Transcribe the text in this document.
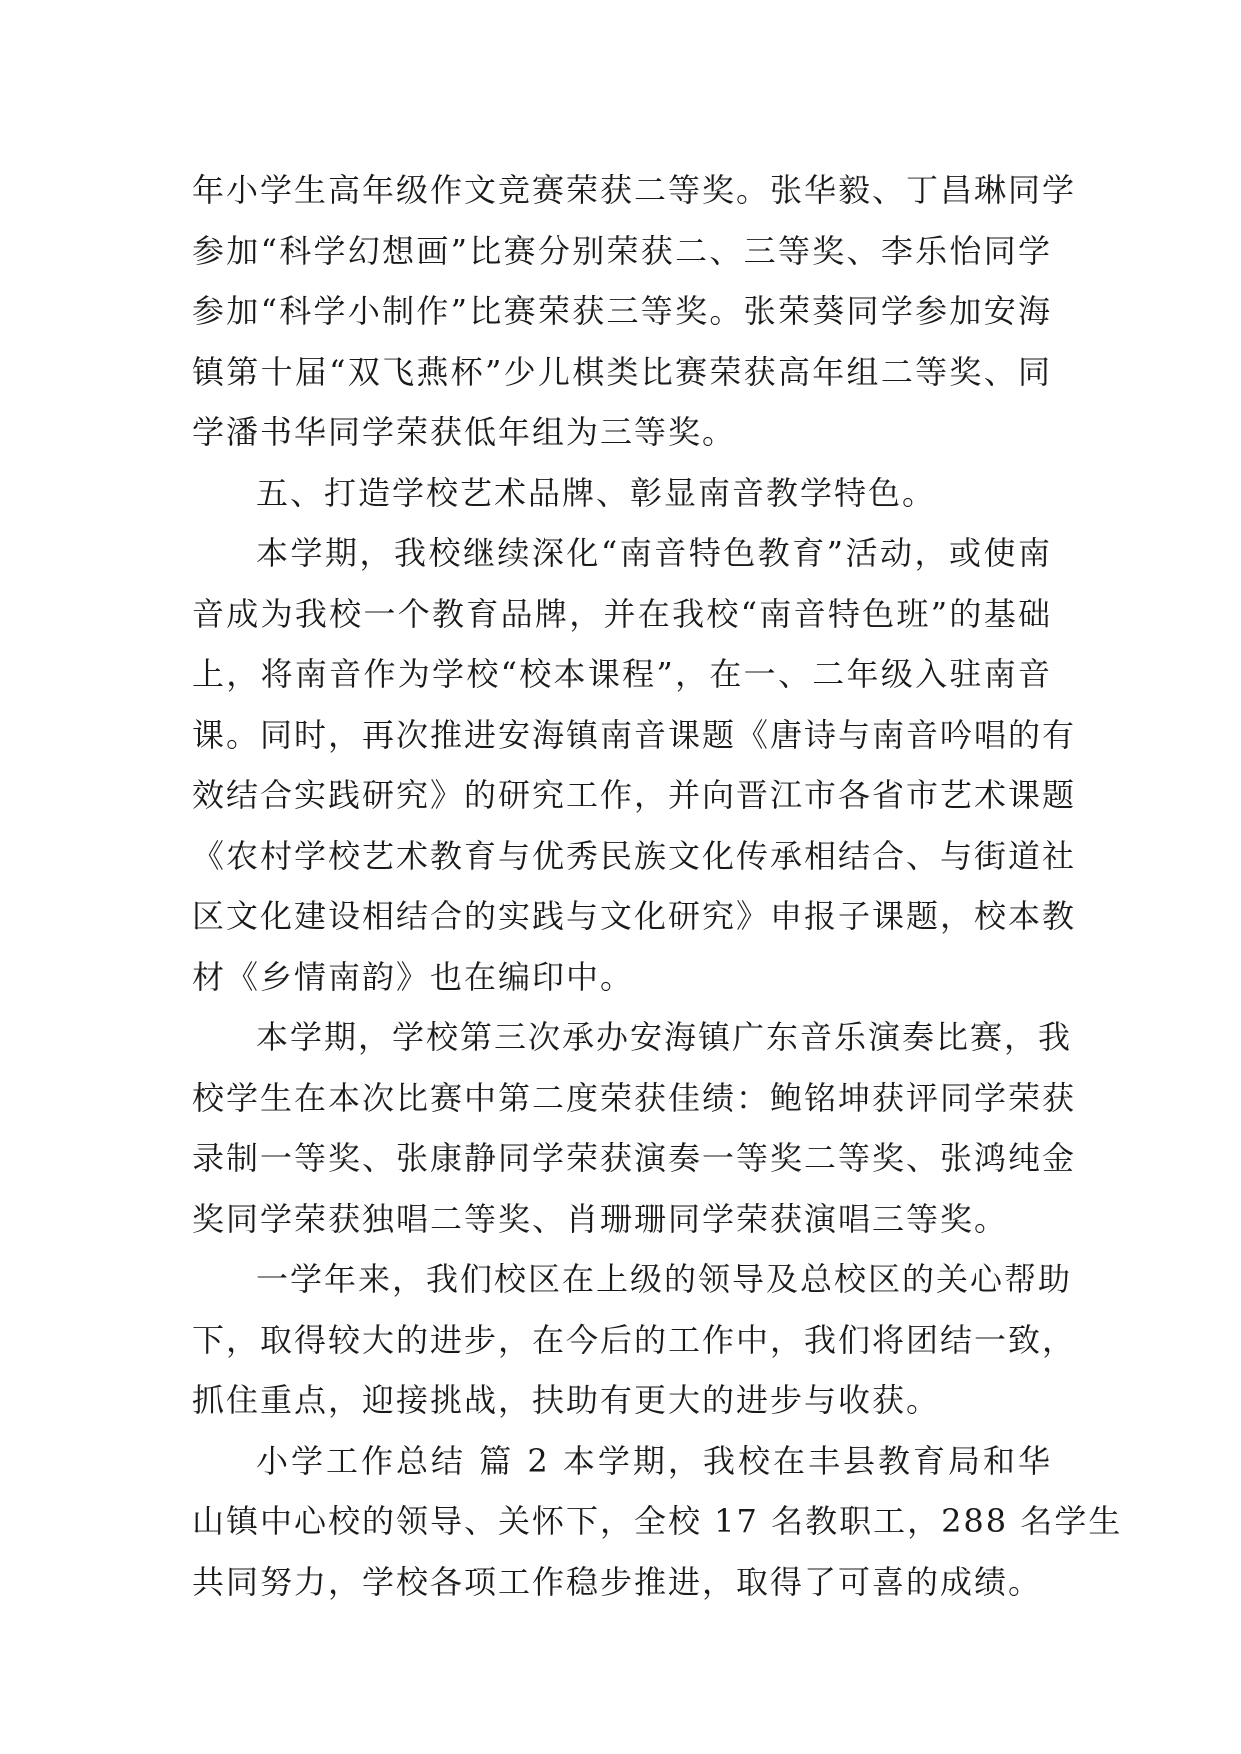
年小学生高年级作文竞赛荣获二等奖。张华毅、丁昌琳同学
参加“科学幻想画”比赛分别荣获二、三等奖、李乐怡同学
参加“科学小制作”比赛荣获三等奖。张荣葵同学参加安海
镇第十届“双飞燕杯”少儿棋类比赛荣获高年组二等奖、同
学潘书华同学荣获低年组为三等奖。
五、打造学校艺术品牌、彰显南音教学特色。
本学期，我校继续深化“南音特色教育”活动，或使南
音成为我校一个教育品牌，并在我校“南音特色班”的基础
上，将南音作为学校“校本课程”，在一、二年级入驻南音
课。同时，再次推进安海镇南音课题《唐诗与南音吟唱的有
效结合实践研究》的研究工作，并向晋江市各省市艺术课题
《农村学校艺术教育与优秀民族文化传承相结合、与街道社
区文化建设相结合的实践与文化研究》申报子课题，校本教
材《乡情南韵》也在编印中。
本学期，学校第三次承办安海镇广东音乐演奏比赛，我
校学生在本次比赛中第二度荣获佳绩：鲍铭坤获评同学荣获
录制一等奖、张康静同学荣获演奏一等奖二等奖、张鸿纯金
奖同学荣获独唱二等奖、肖珊珊同学荣获演唱三等奖。
一学年来，我们校区在上级的领导及总校区的关心帮助
下，取得较大的进步，在今后的工作中，我们将团结一致，
抓住重点，迎接挑战，扶助有更大的进步与收获。
小学工作总结 篇 2 本学期，我校在丰县教育局和华
山镇中心校的领导、关怀下，全校 17 名教职工，288 名学生
共同努力，学校各项工作稳步推进，取得了可喜的成绩。
